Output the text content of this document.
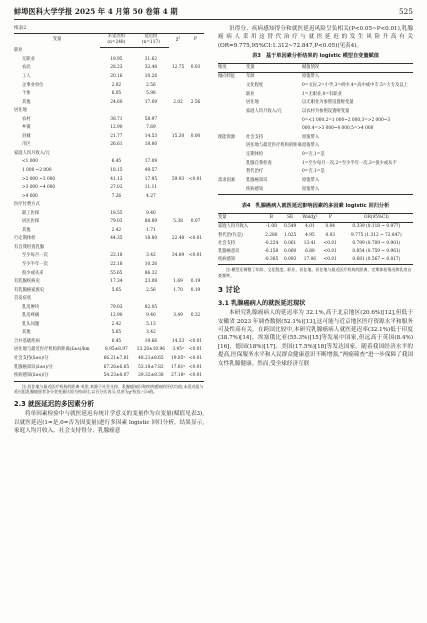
蚌埠医科大学学报 2025 年 4 月第 50 卷第 4 期	525
续表2
变量	未延迟组	延迟组	χ²	P
	(n=248)	(n=117)		
职业				
无职业	18.95	31.62		
农民	28.23	32.48	12.75	0.03
工人	20.16	10.26		
企事业单位	2.02	2.56		
个体	6.05	5.98		
其他	24.60	17.09	2.02	2.56
居住地				
农村	38.71	58.97		
乡镇	12.90	7.69		
县城	21.77	14.53	15.30	0.00
市区	26.61	18.80		
家庭人均月收入/元				
<1 000	6.45	17.09		
1 000 ~2 000	18.15	49.57		
>2 000 ~3 000	41.13	17.95	59.93	<0.01
>3 000 ~4 000	27.02	11.11		
>4 000	7.26	4.27		
医疗付费方式				
职工医保	18.55	9.40		
居民医保	79.03	88.89	5.38	0.07
其他	2.42	1.71		
行定期体检	44.35	18.80	22.48	<0.01
有自我检查乳腺				
至少每月一次	22.18	3.42	34.89	<0.01
至少半年一次	22.18	10.26		
很少或从来	55.65	86.32		
有乳腺疾病史	17.34	23.08	1.69	0.19
有乳腺癌家族史	5.65	2.56	1.70	0.19
首发症状				
乳房肿块	79.03	82.05		
乳房疼痛	12.90	9.40	3.49	0.32
乳头问题	2.42	5.13		
其他	5.65	3.42		
合并基础疾病	6.45	19.66	14.53	<0.01
居住地与最近医疗机构的距离(x̄±s)/km	8.95±8.97	13.20±10.96	3.95ᵃ	<0.01
社会支持(x̄±s)/分	66.21±7.81	48.21±8.65	19.85ᵃ	<0.01
乳腺癌知识(x̄±s)/分	67.26±6.65	53.18±7.82	17.81ᵃ	<0.01
疾病感知(x̄±s)/分	54.23±8.07	29.32±8.38	27.18ᵃ	<0.01
注:居住地与最近医疗机构的距离-英里,来源于社会支持、乳腺癌知识和疾病感知的评估均值;未延迟组与延迟组乳腺癌患者各分类变量比较为构成比,以百分比表示;其余为χ²检验;ᵃ示t值。
2.3 就医延迟的多因素分析
将单因素检验中与就医延迟有统计学意义的变量作为自变量(赋值见表3),以就医延迟(1=是,0=否为因变量)进行多因素 logistic 回归分析。结果显示,家庭人均月收入、社会支持得分、乳腺癌意
识得分、疾病感知得分和就医延迟风险呈负相关(P<0.05~P<0.01),乳腺癌病人采用这替代治疗与就医延迟的发生风险升高有关(OR=9.775,95%CI:1.312~72.847,P<0.05)(见表4)。
表3 基于单因素分析结果的 logistic 模型自变量赋值
维度	变量	赋值情况
倾向特征	年龄	原值带入
	文化程度	0=文盲,2=小学,3=初中,4=高中或中专,5=大专及以上
	职业	1=无职业,0=有职业
	居住地	以无职业为参照设置哑变量
	家庭人均月收入/元	以农村为参照设置哑变量
		0=<1 000,2=1 000~2 000,3=>2 000~3 000,4=>3 000~4 000,5=>4 000
使能资源	社会支持	原值带入
	居住地与最近医疗机构的距离	原值带入
	定期体检	0=否,1=是
	乳腺自我检查	1=至少每月一次,2=至少半年一次,3=很少或从不
	替代治疗	0=否,1=是
需求因素	乳腺癌知识	原值带入
	疾病感知	原值带入
表4 乳腺癌病人就医延迟影响因素的多因素 logistic 回归分析
变量	B	SE	Waldχ²	P	OR(95%CI)
家庭人均月收入	-1.08	0.549	4.01	0.04	0.339 (0.118 ~ 0.977)
替代治疗(是)	2.280	1.025	4.95	0.03	9.775 (1.312 ~ 72.847)
社会支持	-0.224	0.061	13.41	<0.01	0.799 (0.709 ~ 0.901)
乳腺癌意识	-0.158	0.060	6.88	<0.01	0.854 (0.759 ~ 0.961)
疾病感知	-0.385	0.093	17.06	<0.01	0.681 (0.567 ~ 0.817)
注:模型还调整了年龄、文化程度、职业、居住地、居住地与最近医疗机构的距离、定期体检情况和乳房自查频率。
3 讨论
3.1 乳腺癌病人的就医延迟现状
本研究乳腺癌病人的延迟率为 32.1%,高于北京地区(20.6%)[12],但低于安徽省 2023 年调查数据(52.1%)[13],这可能与近京地区医疗资源水平和服务可及性高有关。在跨国比较中,本研究乳腺癌病人就医延迟率(32.1%)低于印度(38.7%)[14]、埃塞俄比亚(55.3%)[15]等发展中国家,但远高于英国(8.4%)[16]、德国(18%)[17]、美国(17.5%)[18]等发达国家。随着我国经济水平的提高,医保服务水平和人民群众健康意识不断增强,“两癌筛查”进一步保障了我国女性乳腺健康。然而,受全球经济互联
